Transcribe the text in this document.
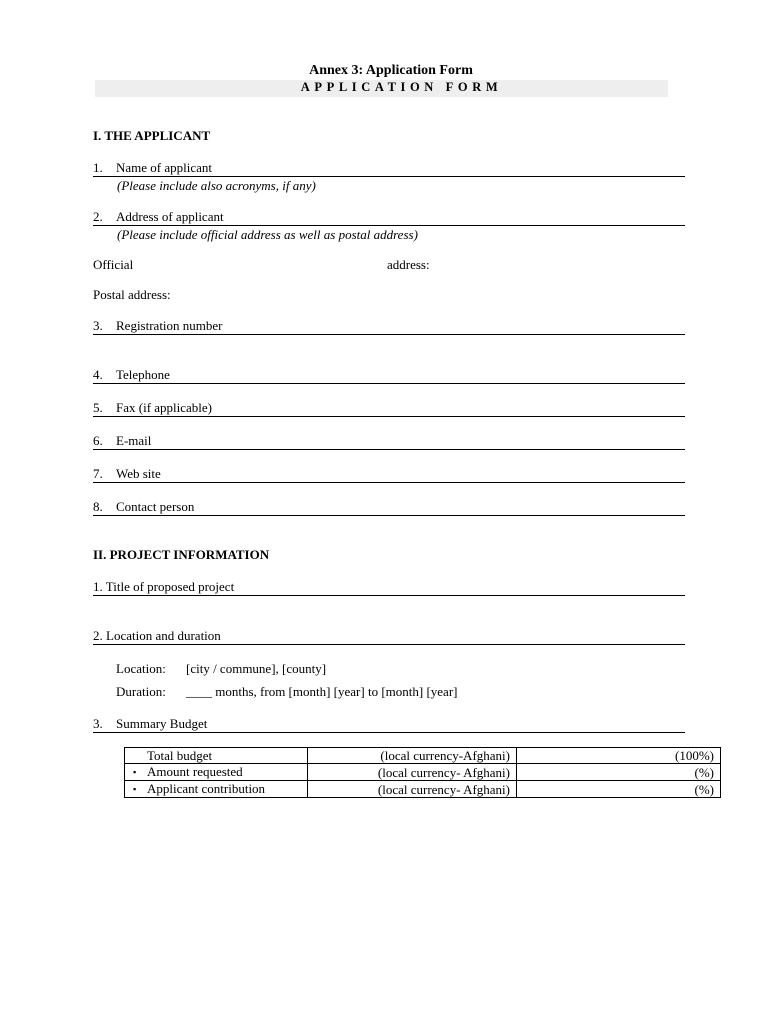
Annex 3: Application Form
APPLICATION FORM
I. THE APPLICANT
1. Name of applicant
(Please include also acronyms, if any)
2. Address of applicant
(Please include official address as well as postal address)
Official	address:
Postal address:
3. Registration number
4. Telephone
5. Fax (if applicable)
6. E-mail
7. Web site
8. Contact person
II. PROJECT INFORMATION
1. Title of proposed project
2. Location and duration
Location: [city / commune], [county]
Duration: ____ months, from [month] [year] to [month] [year]
3. Summary Budget
Total budget	(local currency-Afghani)	(100%)
▪ Amount requested	(local currency- Afghani)	(%)
▪ Applicant contribution	(local currency- Afghani)	(%)
